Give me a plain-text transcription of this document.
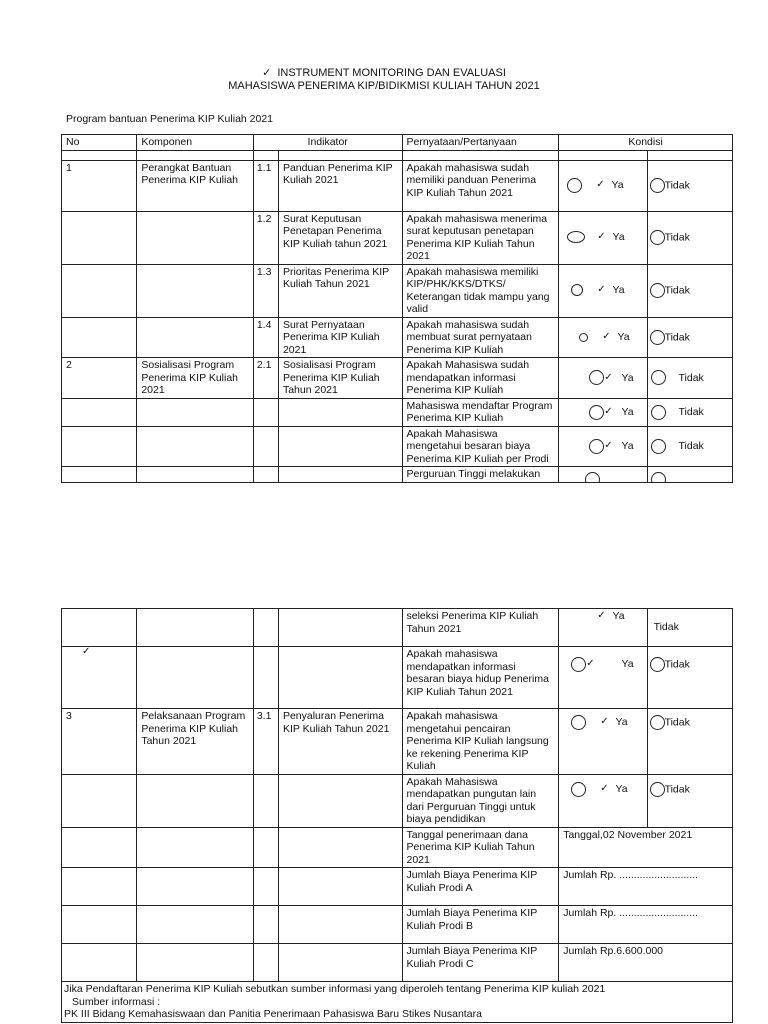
✓ INSTRUMENT MONITORING DAN EVALUASI
MAHASISWA PENERIMA KIP/BIDIKMISI KULIAH TAHUN 2021
Program bantuan Penerima KIP Kuliah 2021
No	Komponen	Indikator		Pernyataan/Pertanyaan	Kondisi	

1	Perangkat Bantuan Penerima KIP Kuliah	1.1	Panduan Penerima KIP Kuliah 2021	Apakah mahasiswa sudah memiliki panduan Penerima KIP Kuliah Tahun 2021	✓ Ya	Tidak
		1.2	Surat Keputusan Penetapan Penerima KIP Kuliah tahun 2021	Apakah mahasiswa menerima surat keputusan penetapan Penerima KIP Kuliah Tahun 2021	✓ Ya	Tidak
		1.3	Prioritas Penerima KIP Kuliah Tahun 2021	Apakah mahasiswa memiliki KIP/PHK/KKS/DTKS/ Keterangan tidak mampu yang valid	✓ Ya	Tidak
		1.4	Surat Pernyataan Penerima KIP Kuliah 2021	Apakah mahasiswa sudah membuat surat pernyataan Penerima KIP Kuliah	✓ Ya	Tidak
2	Sosialisasi Program Penerima KIP Kuliah 2021	2.1	Sosialisasi Program Penerima KIP Kuliah Tahun 2021	Apakah Mahasiswa sudah mendapatkan informasi Penerima KIP Kuliah	✓ Ya	Tidak
				Mahasiswa mendaftar Program Penerima KIP Kuliah	✓ Ya	Tidak
				Apakah Mahasiswa mengetahui besaran biaya Penerima KIP Kuliah per Prodi	✓ Ya	Tidak
				Perguruan Tinggi melakukan	

				seleksi Penerima KIP Kuliah Tahun 2021	✓ Ya	Tidak

✓				Apakah mahasiswa mendapatkan informasi besaran biaya hidup Penerima KIP Kuliah Tahun 2021	✓ Ya	Tidak
3	Pelaksanaan Program Penerima KIP Kuliah Tahun 2021	3.1	Penyaluran Penerima KIP Kuliah Tahun 2021	Apakah mahasiswa mengetahui pencairan Penerima KIP Kuliah langsung ke rekening Penerima KIP Kuliah	✓ Ya	Tidak
				Apakah Mahasiswa mendapatkan pungutan lain dari Perguruan Tinggi untuk biaya pendidikan	✓ Ya	Tidak
				Tanggal penerimaan dana Penerima KIP Kuliah Tahun 2021	Tanggal,02 November 2021	
				Jumlah Biaya Penerima KIP Kuliah Prodi A	Jumlah Rp. ...........................	
				Jumlah Biaya Penerima KIP Kuliah Prodi B	Jumlah Rp. ...........................	
				Jumlah Biaya Penerima KIP Kuliah Prodi C	Jumlah Rp.6.600.000	

Jika Pendaftaran Penerima KIP Kuliah sebutkan sumber informasi yang diperoleh tentang Penerima KIP kuliah 2021
Sumber informasi :
PK III Bidang Kemahasiswaan dan Panitia Penerimaan Pahasiswa Baru Stikes Nusantara						
